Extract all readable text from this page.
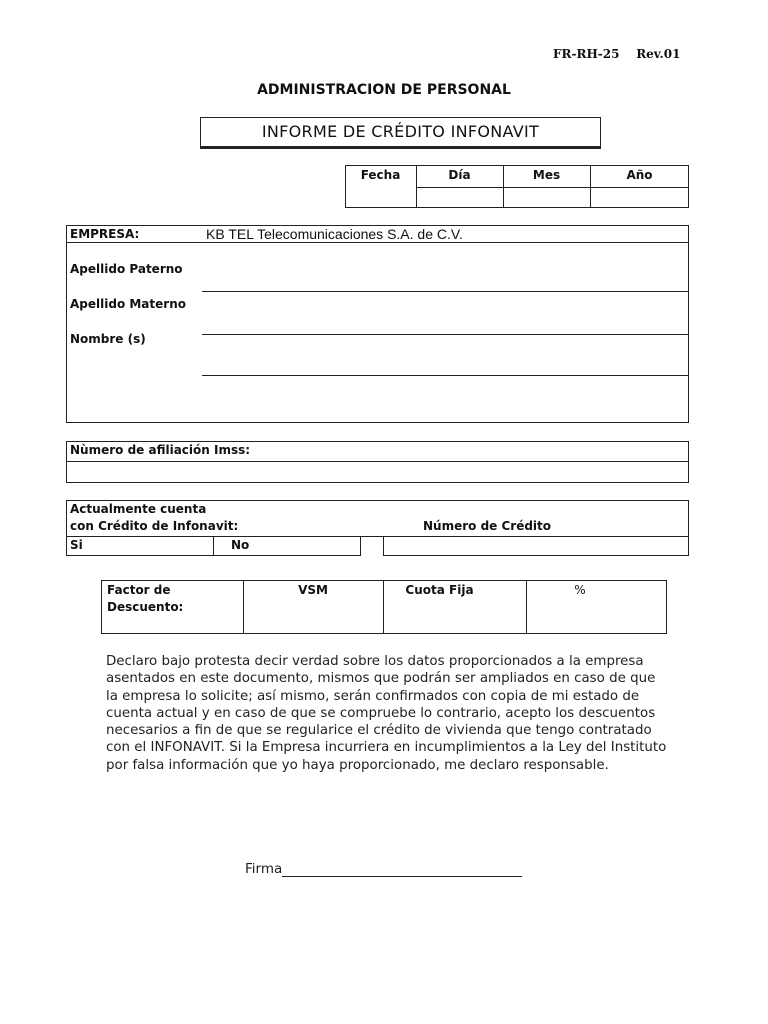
FR-RH-25 Rev.01
ADMINISTRACION DE PERSONAL
INFORME DE CRÉDITO INFONAVIT
Fecha	Día	Mes	Año
EMPRESA:	KB TEL Telecomunicaciones S.A. de C.V.
Apellido Paterno
Apellido Materno
Nombre (s)
Nùmero de afiliación Imss:
Actualmente cuenta
con Crédito de Infonavit:	Número de Crédito
Si	No
Factor de
Descuento:
VSM	Cuota Fija	%
Declaro bajo protesta decir verdad sobre los datos proporcionados a la empresa
asentados en este documento, mismos que podrán ser ampliados en caso de que
la empresa lo solicite; así mismo, serán confirmados con copia de mi estado de
cuenta actual y en caso de que se compruebe lo contrario, acepto los descuentos
necesarios a fin de que se regularice el crédito de vivienda que tengo contratado
con el INFONAVIT. Si la Empresa incurriera en incumplimientos a la Ley del Instituto
por falsa información que yo haya proporcionado, me declaro responsable.
Firma
